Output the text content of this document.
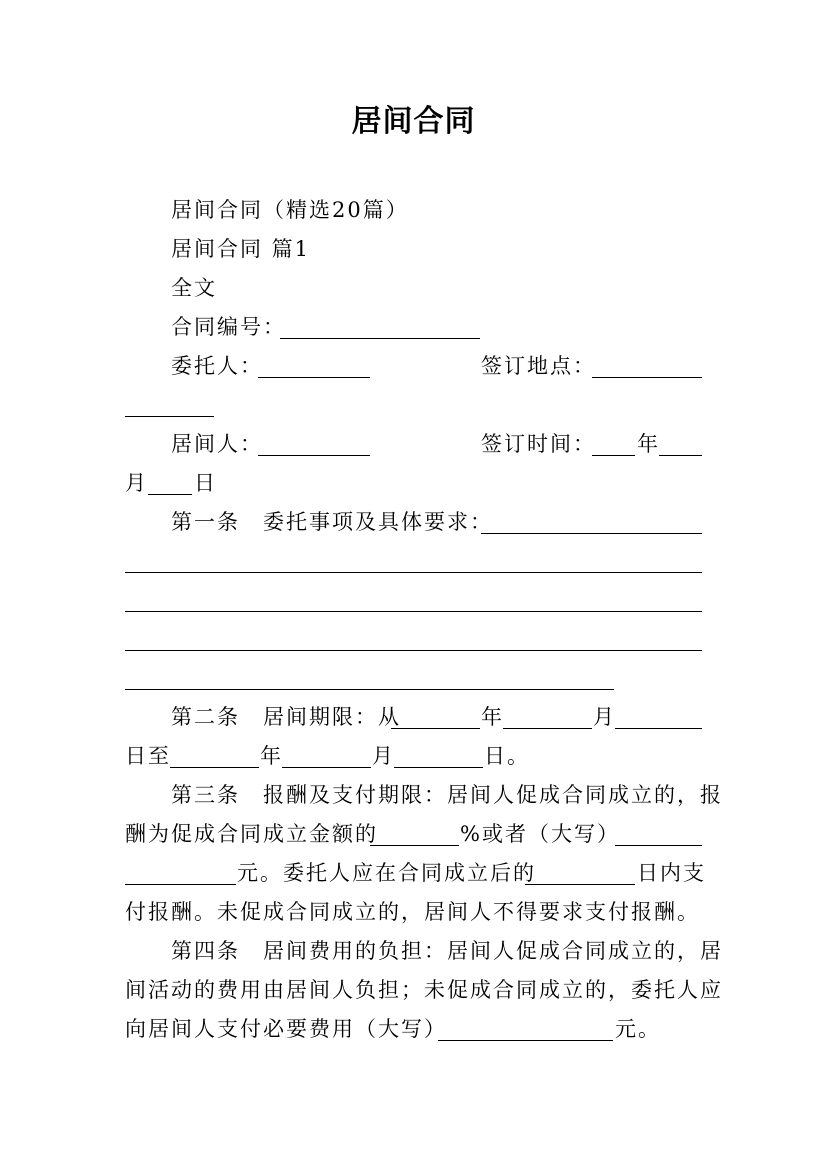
居间合同
居间合同（精选20篇）
居间合同 篇1
全文
合同编号：
委托人：	签订地点：
居间人：	签订时间： 年
月 日
第一条　委托事项及具体要求：
第二条　居间期限：从	年	月
日至	年	月	日。
第三条　报酬及支付期限：居间人促成合同成立的，报
酬为促成合同成立金额的	%或者（大写）
元。委托人应在合同成立后的	日内支
付报酬。未促成合同成立的，居间人不得要求支付报酬。
第四条　居间费用的负担：居间人促成合同成立的，居
间活动的费用由居间人负担；未促成合同成立的，委托人应
向居间人支付必要费用（大写）	元。
